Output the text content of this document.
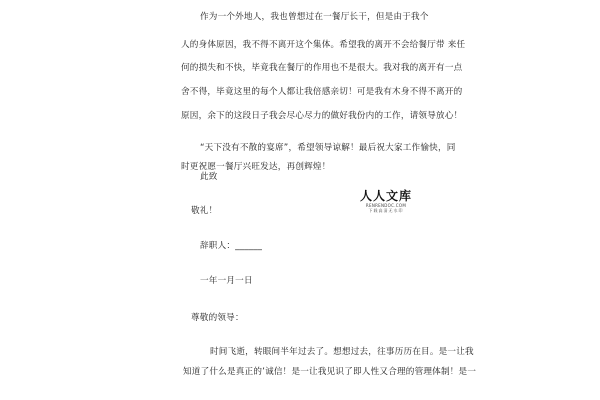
作为一个外地人，我也曾想过在一餐厅长干，但是由于我个
人的身体原因，我不得不离开这个集体。希望我的离开不会给餐厅带 来任
何的损失和不快，毕竟我在餐厅的作用也不是很大。我对我的离开有一点
舍不得，毕竟这里的每个人都让我倍感亲切！可是我有木身不得不离开的
原因，余下的这段日子我会尽心尽力的做好我份内的工作，请领导放心！
“天下没有不散的宴席”，希望领导谅解！最后祝大家工作愉快，同
时更祝愿一餐厅兴旺发达，再创辉煌！
此致
敬礼！
辞职人：______
一年一月一日
尊敬的领导：
时间飞逝，转眼间半年过去了。想想过去，往事历历在目。是一让我
知道了什么是真正的’诚信！是一让我见识了即人性又合理的管理体制！是一
人人文库
RENRENDOC.COM
下载高清无水印
